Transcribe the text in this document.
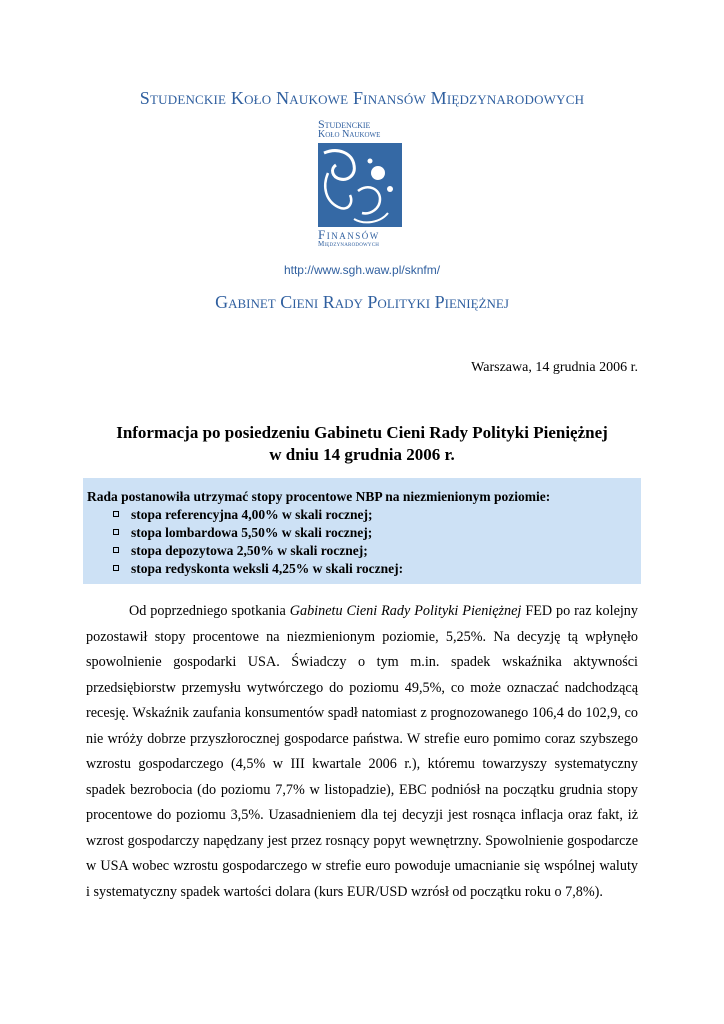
Studenckie Koło Naukowe Finansów Międzynarodowych
Studenckie
Koło Naukowe
Finansów
Międzynarodowych
http://www.sgh.waw.pl/sknfm/
Gabinet Cieni Rady Polityki Pieniężnej
Warszawa, 14 grudnia 2006 r.
Informacja po posiedzeniu Gabinetu Cieni Rady Polityki Pieniężnej
w dniu 14 grudnia 2006 r.
Rada postanowiła utrzymać stopy procentowe NBP na niezmienionym poziomie:
stopa referencyjna 4,00% w skali rocznej;
stopa lombardowa 5,50% w skali rocznej;
stopa depozytowa 2,50% w skali rocznej;
stopa redyskonta weksli 4,25% w skali rocznej:

Od poprzedniego spotkania Gabinetu Cieni Rady Polityki Pieniężnej FED po raz kolejny pozostawił stopy procentowe na niezmienionym poziomie, 5,25%. Na decyzję tą wpłynęło spowolnienie gospodarki USA. Świadczy o tym m.in. spadek wskaźnika aktywności przedsiębiorstw przemysłu wytwórczego do poziomu 49,5%, co może oznaczać nadchodzącą recesję. Wskaźnik zaufania konsumentów spadł natomiast z prognozowanego 106,4 do 102,9, co nie wróży dobrze przyszłorocznej gospodarce państwa. W strefie euro pomimo coraz szybszego wzrostu gospodarczego (4,5% w III kwartale 2006 r.), któremu towarzyszy systematyczny spadek bezrobocia (do poziomu 7,7% w listopadzie), EBC podniósł na początku grudnia stopy procentowe do poziomu 3,5%. Uzasadnieniem dla tej decyzji jest rosnąca inflacja oraz fakt, iż wzrost gospodarczy napędzany jest przez rosnący popyt wewnętrzny. Spowolnienie gospodarcze w USA wobec wzrostu gospodarczego w strefie euro powoduje umacnianie się wspólnej waluty i systematyczny spadek wartości dolara (kurs EUR/USD wzrósł od początku roku o 7,8%).
